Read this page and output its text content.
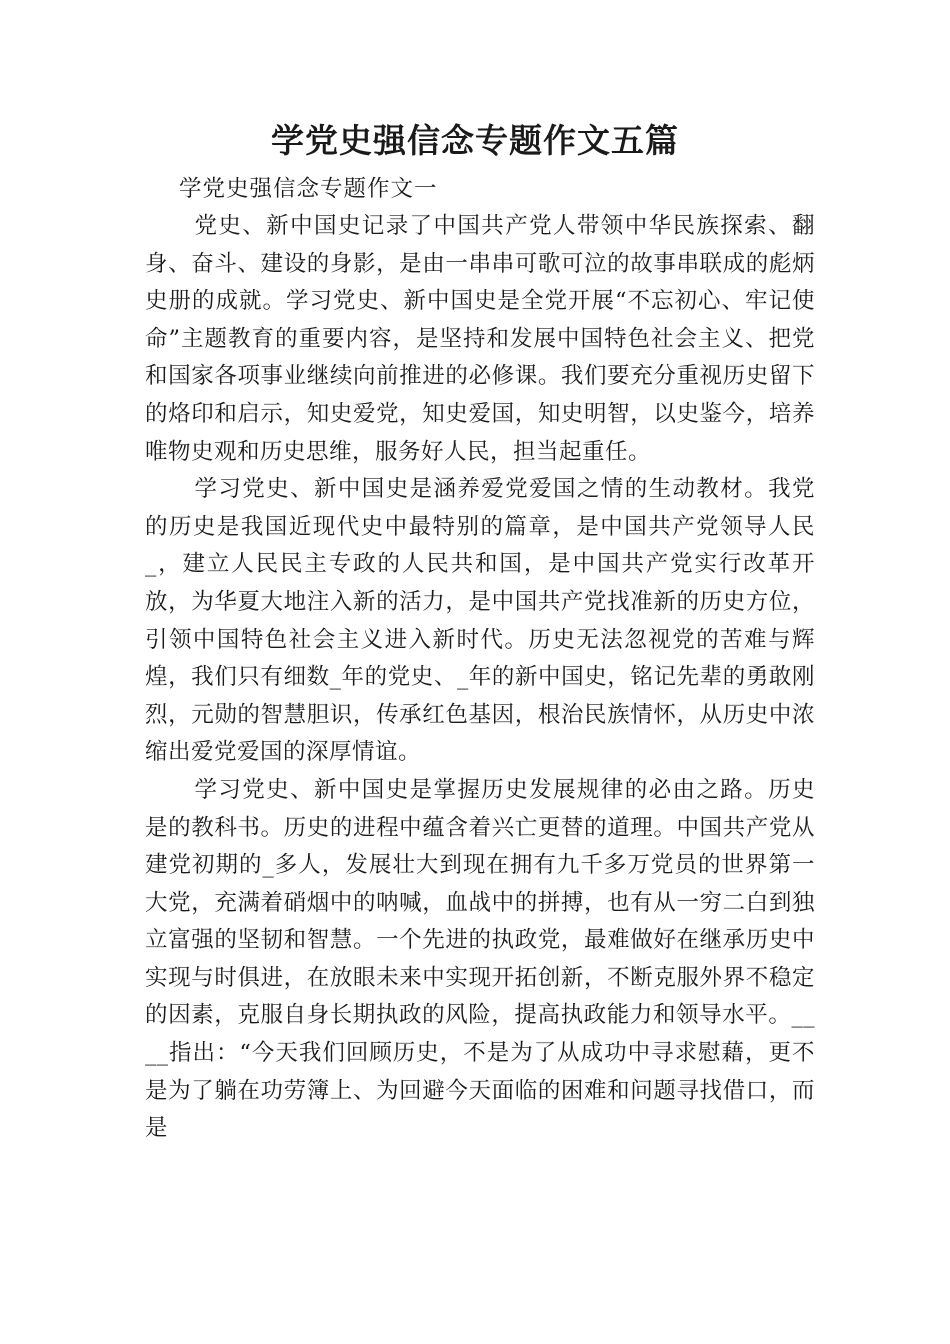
学党史强信念专题作文五篇

学党史强信念专题作文一

党史、新中国史记录了中国共产党人带领中华民族探索、翻身、奋斗、建设的身影，是由一串串可歌可泣的故事串联成的彪炳史册的成就。学习党史、新中国史是全党开展“不忘初心、牢记使命”主题教育的重要内容，是坚持和发展中国特色社会主义、把党和国家各项事业继续向前推进的必修课。我们要充分重视历史留下的烙印和启示，知史爱党，知史爱国，知史明智，以史鉴今，培养唯物史观和历史思维，服务好人民，担当起重任。

学习党史、新中国史是涵养爱党爱国之情的生动教材。我党的历史是我国近现代史中最特别的篇章，是中国共产党领导人民_，建立人民民主专政的人民共和国，是中国共产党实行改革开放，为华夏大地注入新的活力，是中国共产党找准新的历史方位，引领中国特色社会主义进入新时代。历史无法忽视党的苦难与辉煌，我们只有细数_年的党史、_年的新中国史，铭记先辈的勇敢刚烈，元勋的智慧胆识，传承红色基因，根治民族情怀，从历史中浓缩出爱党爱国的深厚情谊。

学习党史、新中国史是掌握历史发展规律的必由之路。历史是的教科书。历史的进程中蕴含着兴亡更替的道理。中国共产党从建党初期的_多人，发展壮大到现在拥有九千多万党员的世界第一大党，充满着硝烟中的呐喊，血战中的拼搏，也有从一穷二白到独立富强的坚韧和智慧。一个先进的执政党，最难做好在继承历史中实现与时俱进，在放眼未来中实现开拓创新，不断克服外界不稳定的因素，克服自身长期执政的风险，提高执政能力和领导水平。____指出：“今天我们回顾历史，不是为了从成功中寻求慰藉，更不是为了躺在功劳簿上、为回避今天面临的困难和问题寻找借口，而是
